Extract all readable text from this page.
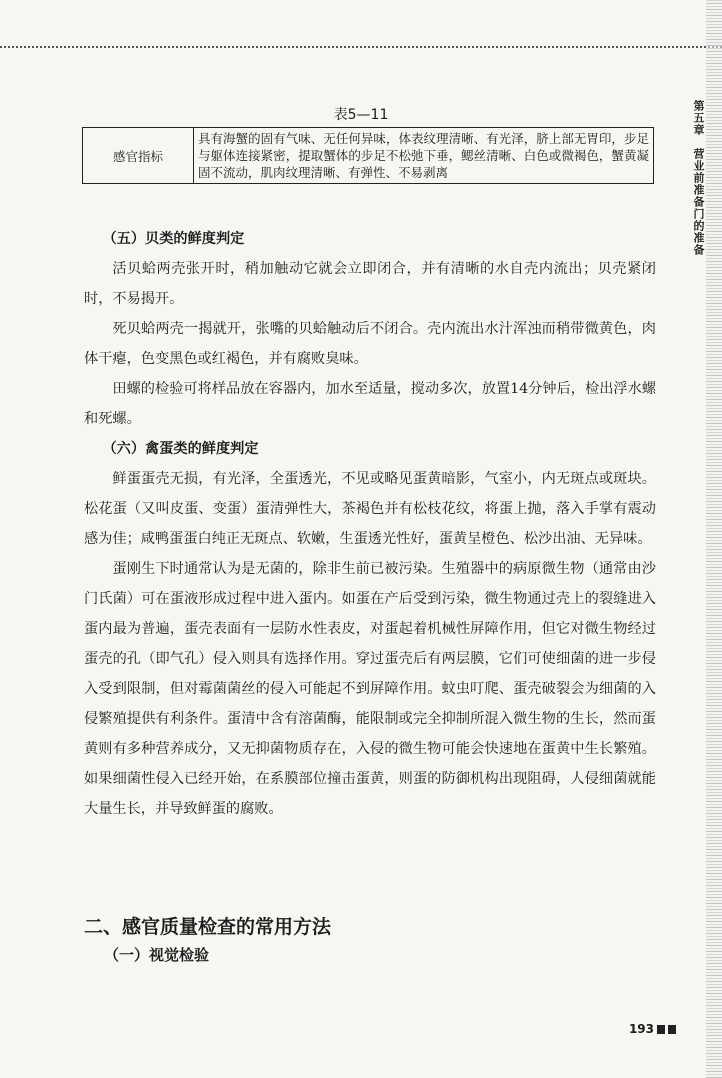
第五章　营业前准备门的准备
表5—11
感官指标	具有海蟹的固有气味、无任何异味，体表纹理清晰、有光泽，脐上部无胃印，步足与躯体连接紧密，提取蟹体的步足不松弛下垂，鳃丝清晰、白色或微褐色，蟹黄凝固不流动，肌肉纹理清晰、有弹性、不易剥离
（五）贝类的鲜度判定

活贝蛤两壳张开时，稍加触动它就会立即闭合，并有清晰的水自壳内流出；贝壳紧闭时，不易揭开。

死贝蛤两壳一揭就开，张嘴的贝蛤触动后不闭合。壳内流出水汁浑浊而稍带微黄色，肉体干瘪，色变黑色或红褐色，并有腐败臭味。

田螺的检验可将样品放在容器内，加水至适量，搅动多次，放置14分钟后，检出浮水螺和死螺。

（六）禽蛋类的鲜度判定

鲜蛋蛋壳无损，有光泽，全蛋透光，不见或略见蛋黄暗影，气室小，内无斑点或斑块。松花蛋（又叫皮蛋、变蛋）蛋清弹性大，茶褐色并有松枝花纹，将蛋上抛，落入手掌有震动感为佳；咸鸭蛋蛋白纯正无斑点、软嫩，生蛋透光性好，蛋黄呈橙色、松沙出油、无异味。

蛋刚生下时通常认为是无菌的，除非生前已被污染。生殖器中的病原微生物（通常由沙门氏菌）可在蛋液形成过程中进入蛋内。如蛋在产后受到污染，微生物通过壳上的裂缝进入蛋内最为普遍，蛋壳表面有一层防水性表皮，对蛋起着机械性屏障作用，但它对微生物经过蛋壳的孔（即气孔）侵入则具有选择作用。穿过蛋壳后有两层膜，它们可使细菌的进一步侵入受到限制，但对霉菌菌丝的侵入可能起不到屏障作用。蚊虫叮爬、蛋壳破裂会为细菌的入侵繁殖提供有利条件。蛋清中含有溶菌酶，能限制或完全抑制所混入微生物的生长，然而蛋黄则有多种营养成分，又无抑菌物质存在，入侵的微生物可能会快速地在蛋黄中生长繁殖。如果细菌性侵入已经开始，在系膜部位撞击蛋黄，则蛋的防御机构出现阻碍，人侵细菌就能大量生长，并导致鲜蛋的腐败。

二、感官质量检查的常用方法
（一）视觉检验
193
